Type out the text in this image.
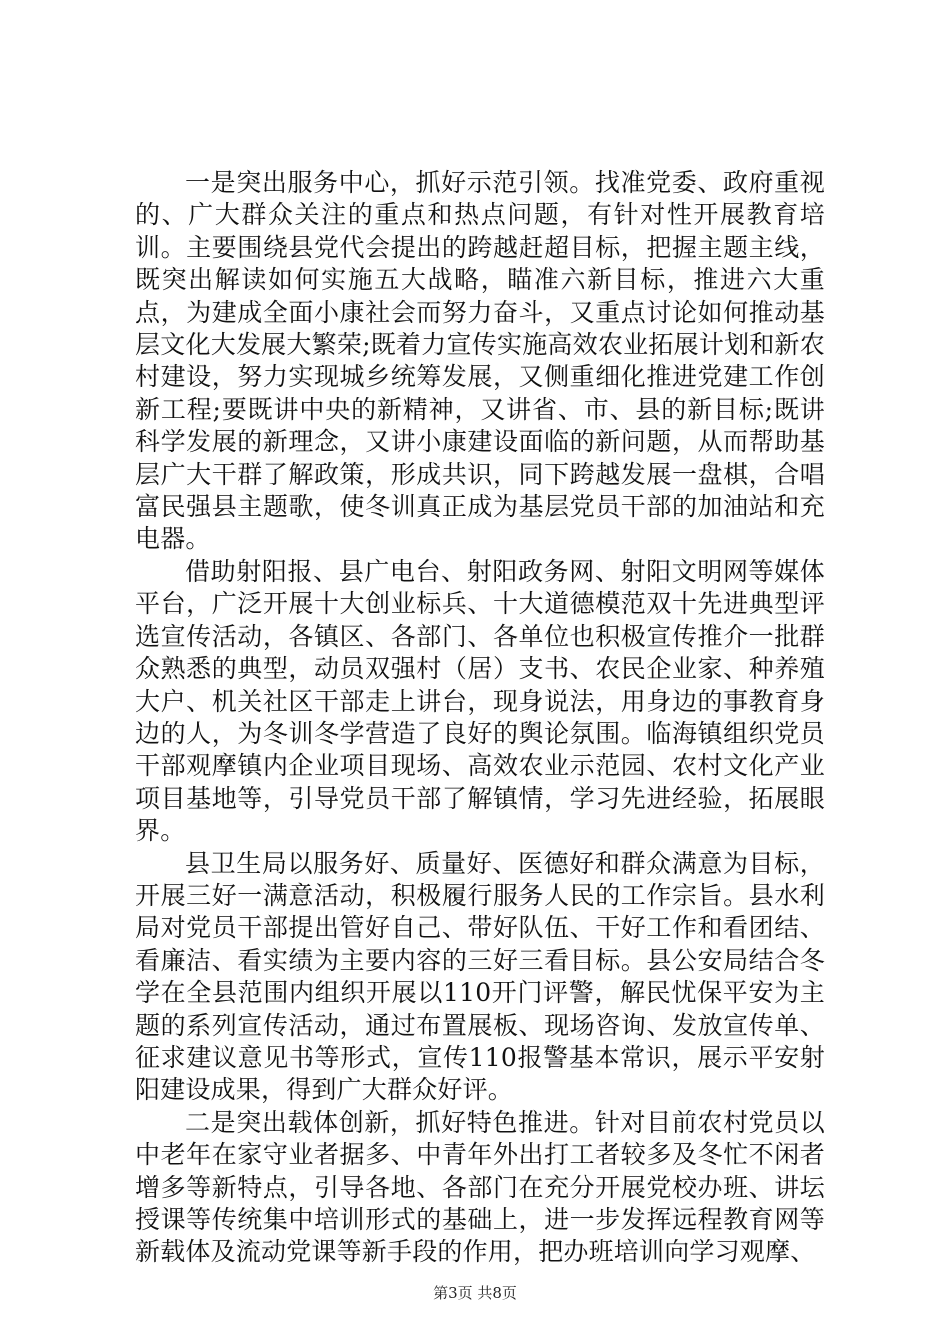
一是突出服务中心，抓好示范引领。找准党委、政府重视的、广大群众关注的重点和热点问题，有针对性开展教育培训。主要围绕县党代会提出的跨越赶超目标，把握主题主线，既突出解读如何实施五大战略，瞄准六新目标，推进六大重点，为建成全面小康社会而努力奋斗，又重点讨论如何推动基层文化大发展大繁荣;既着力宣传实施高效农业拓展计划和新农村建设，努力实现城乡统筹发展，又侧重细化推进党建工作创新工程;要既讲中央的新精神，又讲省、市、县的新目标;既讲科学发展的新理念，又讲小康建设面临的新问题，从而帮助基层广大干群了解政策，形成共识，同下跨越发展一盘棋，合唱富民强县主题歌，使冬训真正成为基层党员干部的加油站和充电器。

借助射阳报、县广电台、射阳政务网、射阳文明网等媒体平台，广泛开展十大创业标兵、十大道德模范双十先进典型评选宣传活动，各镇区、各部门、各单位也积极宣传推介一批群众熟悉的典型，动员双强村（居）支书、农民企业家、种养殖大户、机关社区干部走上讲台，现身说法，用身边的事教育身边的人，为冬训冬学营造了良好的舆论氛围。临海镇组织党员干部观摩镇内企业项目现场、高效农业示范园、农村文化产业项目基地等，引导党员干部了解镇情，学习先进经验，拓展眼界。

县卫生局以服务好、质量好、医德好和群众满意为目标，开展三好一满意活动，积极履行服务人民的工作宗旨。县水利局对党员干部提出管好自己、带好队伍、干好工作和看团结、看廉洁、看实绩为主要内容的三好三看目标。县公安局结合冬学在全县范围内组织开展以110开门评警，解民忧保平安为主题的系列宣传活动，通过布置展板、现场咨询、发放宣传单、征求建议意见书等形式，宣传110报警基本常识，展示平安射阳建设成果，得到广大群众好评。

二是突出载体创新，抓好特色推进。针对目前农村党员以中老年在家守业者据多、中青年外出打工者较多及冬忙不闲者增多等新特点，引导各地、各部门在充分开展党校办班、讲坛授课等传统集中培训形式的基础上，进一步发挥远程教育网等新载体及流动党课等新手段的作用，把办班培训向学习观摩、

第3页 共8页
